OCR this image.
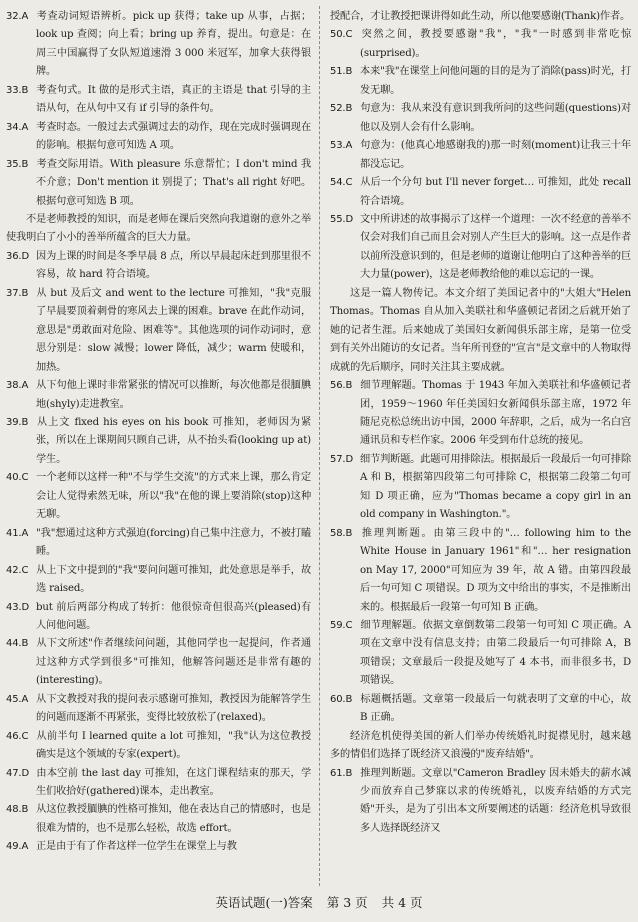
32.A 考查动词短语辨析。pick up 获得；take up 从事，占据；look up 查阅；向上看；bring up 养育，提出。句意是：在周三中国赢得了女队短道速滑 3 000 米冠军，加拿大获得银牌。

33.B 考查句式。It 做的是形式主语，真正的主语是 that 引导的主语从句，在从句中又有 if 引导的条件句。

34.A 考查时态。一般过去式强调过去的动作，现在完成时强调现在的影响。根据句意可知选 A 项。

35.B 考查交际用语。With pleasure 乐意帮忙；I don't mind 我不介意；Don't mention it 别提了；That's all right 好吧。根据句意可知选 B 项。

不是老师教授的知识，而是老师在课后突然向我道谢的意外之举使我明白了小小的善举所蕴含的巨大力量。

36.D 因为上课的时间是冬季早晨 8 点，所以早晨起床赶到那里很不容易，故 hard 符合语境。

37.B 从 but 及后文 and went to the lecture 可推知，"我"克服了早晨要顶着刺骨的寒风去上课的困难。brave 在此作动词，意思是"勇敢面对危险、困难等"。其他选项的词作动词时，意思分别是：slow 减慢；lower 降低，减少；warm 使暖和，加热。

38.A 从下句他上课时非常紧张的情况可以推断，每次他都是很腼腆地(shyly)走进教室。

39.B 从上文 fixed his eyes on his book 可推知，老师因为紧张，所以在上课期间只顾自己讲，从不抬头看(looking up at)学生。

40.C 一个老师以这样一种"不与学生交流"的方式来上课，那么肯定会让人觉得索然无味，所以"我"在他的课上要消除(stop)这种无聊。

41.A "我"想通过这种方式强迫(forcing)自己集中注意力，不被打瞌睡。

42.C 从上下文中提到的"我"要问问题可推知，此处意思是举手，故选 raised。

43.D but 前后两部分构成了转折：他很惊奇但很高兴(pleased)有人问他问题。

44.B 从下文所述"作者继续问问题，其他同学也一起提问，作者通过这种方式学到很多"可推知，他解答问题还是非常有趣的(interesting)。

45.A 从下文教授对我的提问表示感谢可推知，教授因为能解答学生的问题而逐渐不再紧张，变得比较放松了(relaxed)。

46.C 从前半句 I learned quite a lot 可推知，"我"认为这位教授确实是这个领域的专家(expert)。

47.D 由本空前 the last day 可推知，在这门课程结束的那天，学生们收拾好(gathered)课本，走出教室。

48.B 从这位教授腼腆的性格可推知，他在表达自己的情感时，也是很难为情的，也不是那么轻松，故选 effort。

49.A 正是由于有了作者这样一位学生在课堂上与教

授配合，才让教授把课讲得如此生动，所以他要感谢(Thank)作者。

50.C 突然之间，教授要感谢"我"，"我"一时感到非常吃惊(surprised)。

51.B 本来"我"在课堂上问他问题的目的是为了消除(pass)时光，打发无聊。

52.B 句意为：我从来没有意识到我所问的这些问题(questions)对他以及别人会有什么影响。

53.A 句意为：(他真心地感谢我的)那一时刻(moment)让我三十年都没忘记。

54.C 从后一个分句 but I'll never forget… 可推知，此处 recall 符合语境。

55.D 文中所讲述的故事揭示了这样一个道理：一次不经意的善举不仅会对我们自己而且会对别人产生巨大的影响。这一点是作者以前所没意识到的，但是老师的道谢让他明白了这种善举的巨大力量(power)，这是老师教给他的难以忘记的一课。

这是一篇人物传记。本文介绍了美国记者中的"大姐大"Helen Thomas。Thomas 自从加入美联社和华盛顿记者团之后就开始了她的记者生涯。后来她成了美国妇女新闻俱乐部主席，是第一位受到有关外出随访的女记者。当年所刊登的"宣言"是文章中的人物取得成就的先后顺序，同时关注其主要成就。

56.B 细节理解题。Thomas 于 1943 年加入美联社和华盛顿记者团，1959～1960 年任美国妇女新闻俱乐部主席，1972 年随尼克松总统出访中国，2000 年辞职，之后，成为一名白宫通讯员和专栏作家。2006 年受到布什总统的接见。

57.D 细节判断题。此题可用排除法。根据最后一段最后一句可排除 A 和 B，根据第四段第二句可排除 C，根据第二段第二句可知 D 项正确，应为"Thomas became a copy girl in an old company in Washington."。

58.B 推理判断题。由第三段中的"… following him to the White House in January 1961"和"… her resignation on May 17, 2000"可知应为 39 年，故 A 错。由第四段最后一句可知 C 项错误。D 项为文中给出的事实，不是推断出来的。根据最后一段第一句可知 B 正确。

59.C 细节理解题。依据文章倒数第二段第一句可知 C 项正确。A 项在文章中没有信息支持；由第二段最后一句可排除 A，B 项错误；文章最后一段提及她写了 4 本书，而非很多书，D 项错误。

60.B 标题概括题。文章第一段最后一句就表明了文章的中心，故 B 正确。

经济危机使得美国的新人们举办传统婚礼时捉襟见肘，越来越多的情侣们选择了既经济又浪漫的"废弃结婚"。

61.B 推理判断题。文章以"Cameron Bradley 因未婚夫的薪水减少而放弃自己梦寐以求的传统婚礼，以废弃结婚的方式完婚"开头，是为了引出本文所要阐述的话题：经济危机导致很多人选择既经济又

英语试题(一)答案 第 3 页 共 4 页
